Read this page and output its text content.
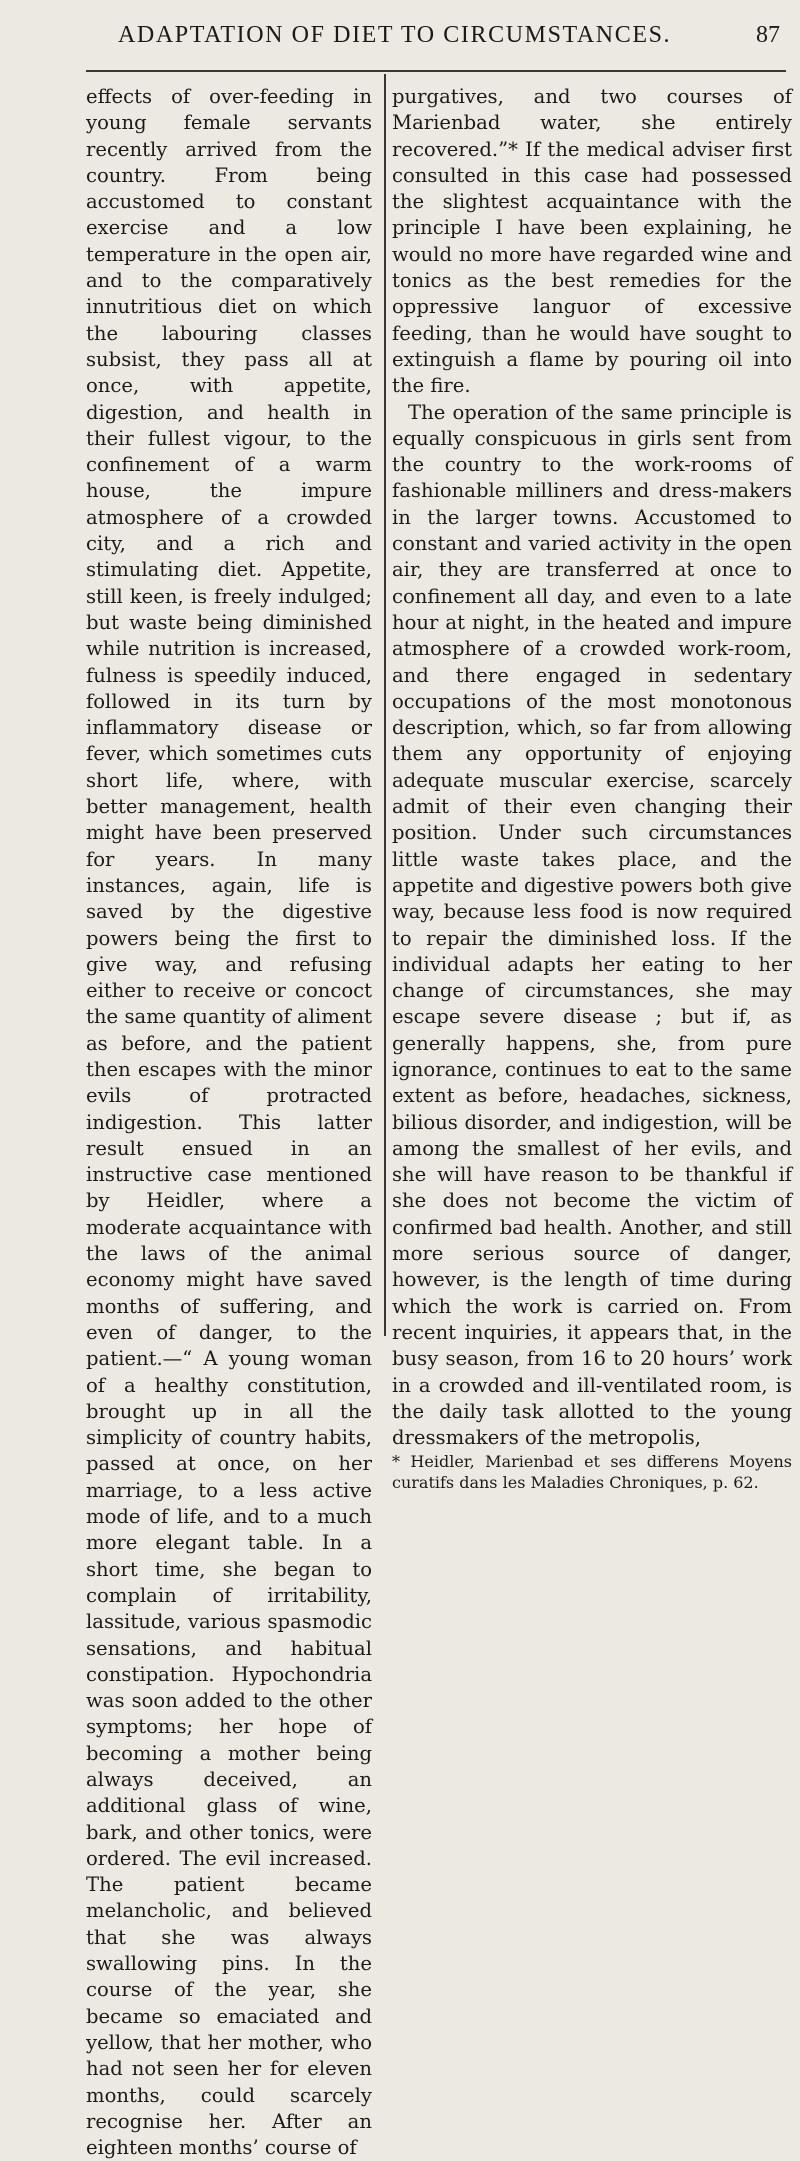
ADAPTATION OF DIET TO CIRCUMSTANCES.	87

effects of over-feeding in young female servants recently arrived from the country. From being accustomed to constant exercise and a low temperature in the open air, and to the comparatively innutritious diet on which the labouring classes subsist, they pass all at once, with appetite, digestion, and health in their fullest vigour, to the confinement of a warm house, the impure atmosphere of a crowded city, and a rich and stimulating diet. Appetite, still keen, is freely indulged; but waste being diminished while nutrition is increased, fulness is speedily induced, followed in its turn by inflammatory disease or fever, which sometimes cuts short life, where, with better management, health might have been preserved for years. In many instances, again, life is saved by the digestive powers being the first to give way, and refusing either to receive or concoct the same quantity of aliment as before, and the patient then escapes with the minor evils of protracted indigestion. This latter result ensued in an instructive case mentioned by Heidler, where a moderate acquaintance with the laws of the animal economy might have saved months of suffering, and even of danger, to the patient.—“ A young woman of a healthy constitution, brought up in all the simplicity of country habits, passed at once, on her marriage, to a less active mode of life, and to a much more elegant table. In a short time, she began to complain of irritability, lassitude, various spasmodic sensations, and habitual constipation. Hypochondria was soon added to the other symptoms; her hope of becoming a mother being always deceived, an additional glass of wine, bark, and other tonics, were ordered. The evil increased. The patient became melancholic, and believed that she was always swallowing pins. In the course of the year, she became so emaciated and yellow, that her mother, who had not seen her for eleven months, could scarcely recognise her. After an eighteen months’ course of

purgatives, and two courses of Marienbad water, she entirely recovered.”* If the medical adviser first consulted in this case had possessed the slightest acquaintance with the principle I have been explaining, he would no more have regarded wine and tonics as the best remedies for the oppressive languor of excessive feeding, than he would have sought to extinguish a flame by pouring oil into the fire.

The operation of the same principle is equally conspicuous in girls sent from the country to the work-rooms of fashionable milliners and dress-makers in the larger towns. Accustomed to constant and varied activity in the open air, they are transferred at once to confinement all day, and even to a late hour at night, in the heated and impure atmosphere of a crowded work-room, and there engaged in sedentary occupations of the most monotonous description, which, so far from allowing them any opportunity of enjoying adequate muscular exercise, scarcely admit of their even changing their position. Under such circumstances little waste takes place, and the appetite and digestive powers both give way, because less food is now required to repair the diminished loss. If the individual adapts her eating to her change of circumstances, she may escape severe disease ; but if, as generally happens, she, from pure ignorance, continues to eat to the same extent as before, headaches, sickness, bilious disorder, and indigestion, will be among the smallest of her evils, and she will have reason to be thankful if she does not become the victim of confirmed bad health. Another, and still more serious source of danger, however, is the length of time during which the work is carried on. From recent inquiries, it appears that, in the busy season, from 16 to 20 hours’ work in a crowded and ill-ventilated room, is the daily task allotted to the young dressmakers of the metropolis,

* Heidler, Marienbad et ses differens Moyens curatifs dans les Maladies Chroniques, p. 62.
